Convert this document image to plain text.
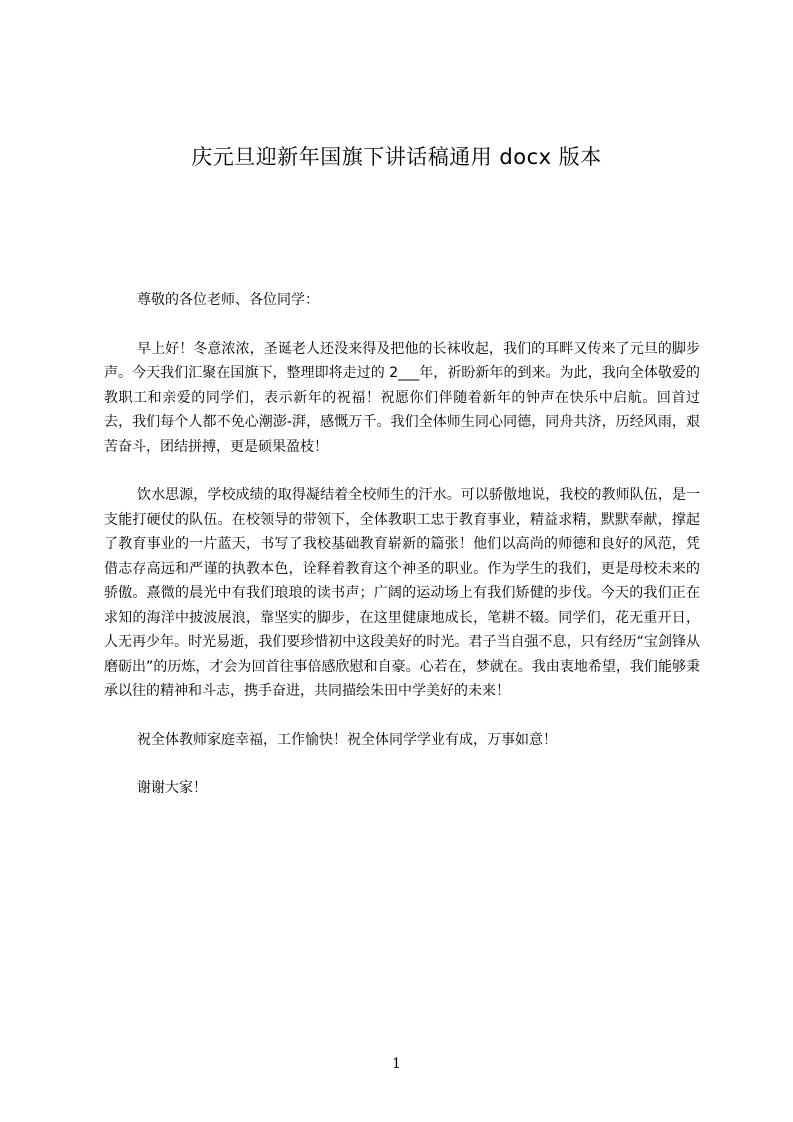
庆元旦迎新年国旗下讲话稿通用 docx 版本

尊敬的各位老师、各位同学：

早上好！冬意浓浓，圣诞老人还没来得及把他的长袜收起，我们的耳畔又传来了元旦的脚步声。今天我们汇聚在国旗下，整理即将走过的 2___年，祈盼新年的到来。为此，我向全体敬爱的教职工和亲爱的同学们，表示新年的祝福！祝愿你们伴随着新年的钟声在快乐中启航。回首过去，我们每个人都不免心潮澎-湃，感慨万千。我们全体师生同心同德，同舟共济，历经风雨，艰苦奋斗，团结拼搏，更是硕果盈枝！

饮水思源，学校成绩的取得凝结着全校师生的汗水。可以骄傲地说，我校的教师队伍，是一支能打硬仗的队伍。在校领导的带领下，全体教职工忠于教育事业，精益求精，默默奉献，撑起了教育事业的一片蓝天，书写了我校基础教育崭新的篇张！他们以高尚的师德和良好的风范，凭借志存高远和严谨的执教本色，诠释着教育这个神圣的职业。作为学生的我们，更是母校未来的骄傲。熹微的晨光中有我们琅琅的读书声；广阔的运动场上有我们矫健的步伐。今天的我们正在求知的海洋中披波展浪，靠坚实的脚步，在这里健康地成长，笔耕不辍。同学们，花无重开日，人无再少年。时光易逝，我们要珍惜初中这段美好的时光。君子当自强不息，只有经历“宝剑锋从磨砺出”的历炼，才会为回首往事倍感欣慰和自豪。心若在，梦就在。我由衷地希望，我们能够秉承以往的精神和斗志，携手奋进，共同描绘朱田中学美好的未来！

祝全体教师家庭幸福，工作愉快！祝全体同学学业有成，万事如意！

谢谢大家！

1
